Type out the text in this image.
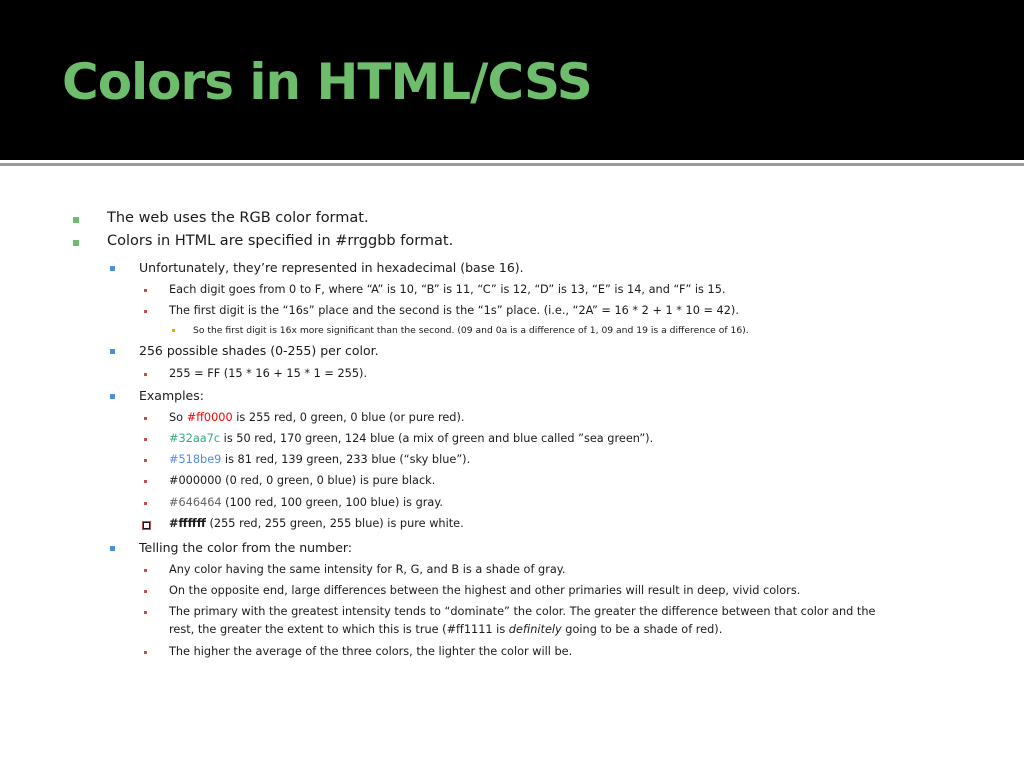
Colors in HTML/CSS
The web uses the RGB color format.
Colors in HTML are specified in #rrggbb format.
Unfortunately, they’re represented in hexadecimal (base 16).
Each digit goes from 0 to F, where “A” is 10, “B” is 11, “C” is 12, “D” is 13, “E” is 14, and “F” is 15.
The first digit is the “16s” place and the second is the “1s” place. (i.e., “2A” = 16 * 2 + 1 * 10 = 42).
So the first digit is 16x more significant than the second. (09 and 0a is a difference of 1, 09 and 19 is a difference of 16).
256 possible shades (0-255) per color.
255 = FF (15 * 16 + 15 * 1 = 255).
Examples:
So #ff0000 is 255 red, 0 green, 0 blue (or pure red).
#32aa7c is 50 red, 170 green, 124 blue (a mix of green and blue called ”sea green”).
#518be9 is 81 red, 139 green, 233 blue (“sky blue”).
#000000 (0 red, 0 green, 0 blue) is pure black.
#646464 (100 red, 100 green, 100 blue) is gray.
#ffffff (255 red, 255 green, 255 blue) is pure white.
Telling the color from the number:
Any color having the same intensity for R, G, and B is a shade of gray.
On the opposite end, large differences between the highest and other primaries will result in deep, vivid colors.
The primary with the greatest intensity tends to “dominate” the color. The greater the difference between that color and the
rest, the greater the extent to which this is true (#ff1111 is definitely going to be a shade of red).
The higher the average of the three colors, the lighter the color will be.
